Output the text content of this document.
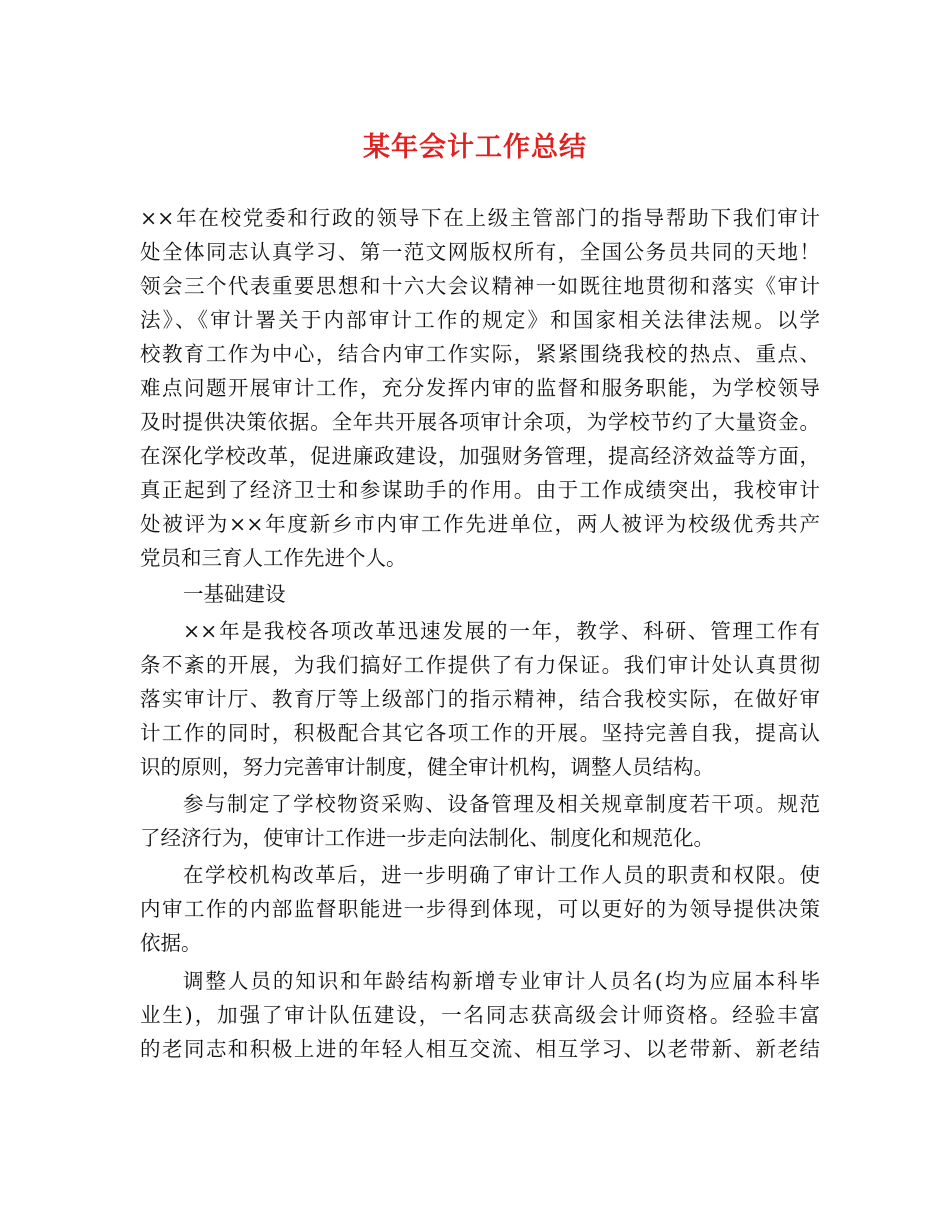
某年会计工作总结
××年在校党委和行政的领导下在上级主管部门的指导帮助下我们审计
处全体同志认真学习、第一范文网版权所有，全国公务员共同的天地！
领会三个代表重要思想和十六大会议精神一如既往地贯彻和落实《审计
法》、《审计署关于内部审计工作的规定》和国家相关法律法规。以学
校教育工作为中心，结合内审工作实际，紧紧围绕我校的热点、重点、
难点问题开展审计工作，充分发挥内审的监督和服务职能，为学校领导
及时提供决策依据。全年共开展各项审计余项，为学校节约了大量资金。
在深化学校改革，促进廉政建设，加强财务管理，提高经济效益等方面，
真正起到了经济卫士和参谋助手的作用。由于工作成绩突出，我校审计
处被评为××年度新乡市内审工作先进单位，两人被评为校级优秀共产
党员和三育人工作先进个人。
一基础建设
××年是我校各项改革迅速发展的一年，教学、科研、管理工作有
条不紊的开展，为我们搞好工作提供了有力保证。我们审计处认真贯彻
落实审计厅、教育厅等上级部门的指示精神，结合我校实际，在做好审
计工作的同时，积极配合其它各项工作的开展。坚持完善自我，提高认
识的原则，努力完善审计制度，健全审计机构，调整人员结构。
参与制定了学校物资采购、设备管理及相关规章制度若干项。规范
了经济行为，使审计工作进一步走向法制化、制度化和规范化。
在学校机构改革后，进一步明确了审计工作人员的职责和权限。使
内审工作的内部监督职能进一步得到体现，可以更好的为领导提供决策
依据。
调整人员的知识和年龄结构新增专业审计人员名(均为应届本科毕
业生)，加强了审计队伍建设，一名同志获高级会计师资格。经验丰富
的老同志和积极上进的年轻人相互交流、相互学习、以老带新、新老结
